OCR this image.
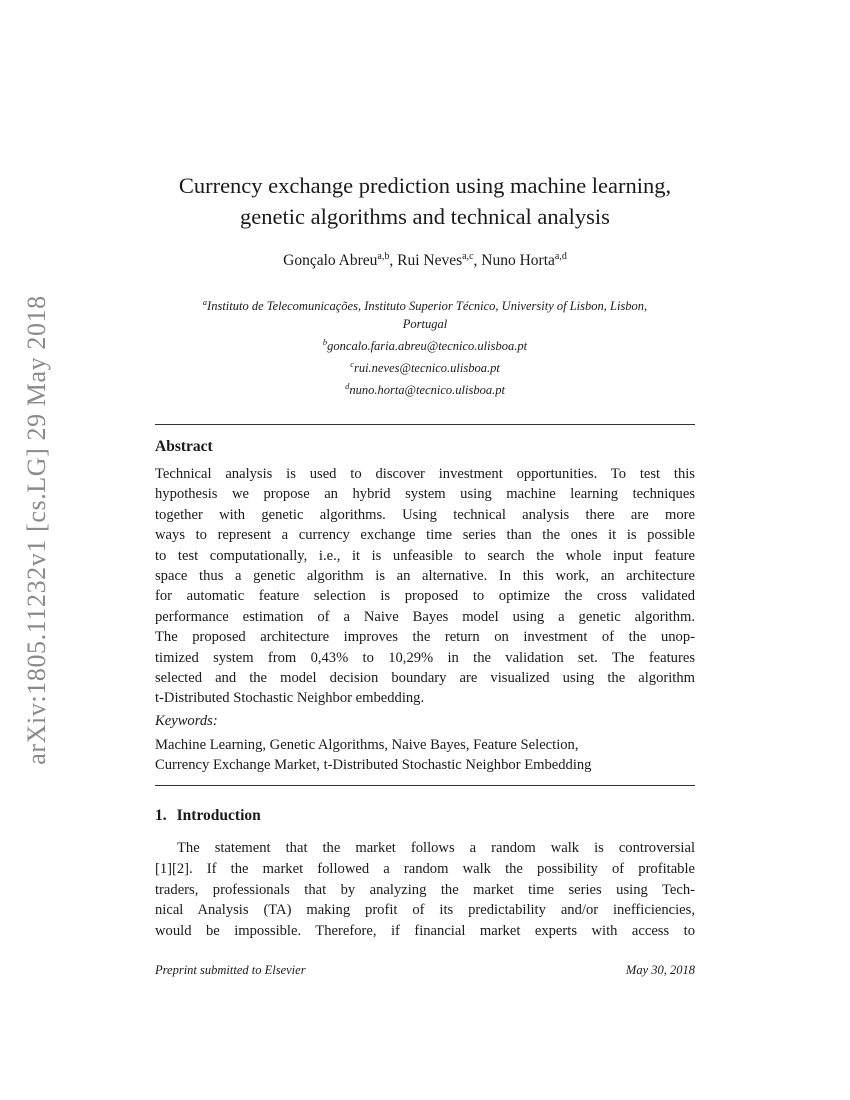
arXiv:1805.11232v1 [cs.LG] 29 May 2018
Currency exchange prediction using machine learning,
genetic algorithms and technical analysis
Gonçalo Abreu$^{a,b}$, Rui Neves$^{a,c}$, Nuno Horta$^{a,d}$
$^a$Instituto de Telecomunicações, Instituto Superior Técnico, University of Lisbon, Lisbon,
Portugal
$^b$goncalo.faria.abreu@tecnico.ulisboa.pt
$^c$rui.neves@tecnico.ulisboa.pt
$^d$nuno.horta@tecnico.ulisboa.pt
Abstract
Technical analysis is used to discover investment opportunities. To test this
hypothesis we propose an hybrid system using machine learning techniques
together with genetic algorithms. Using technical analysis there are more
ways to represent a currency exchange time series than the ones it is possible
to test computationally, i.e., it is unfeasible to search the whole input feature
space thus a genetic algorithm is an alternative. In this work, an architecture
for automatic feature selection is proposed to optimize the cross validated
performance estimation of a Naive Bayes model using a genetic algorithm.
The proposed architecture improves the return on investment of the unop-
timized system from 0,43% to 10,29% in the validation set. The features
selected and the model decision boundary are visualized using the algorithm
t-Distributed Stochastic Neighbor embedding.
Keywords:
Machine Learning, Genetic Algorithms, Naive Bayes, Feature Selection,
Currency Exchange Market, t-Distributed Stochastic Neighbor Embedding
1. Introduction
The statement that the market follows a random walk is controversial
[1][2]. If the market followed a random walk the possibility of profitable
traders, professionals that by analyzing the market time series using Tech-
nical Analysis (TA) making profit of its predictability and/or inefficiencies,
would be impossible. Therefore, if financial market experts with access to
Preprint submitted to Elsevier	May 30, 2018
